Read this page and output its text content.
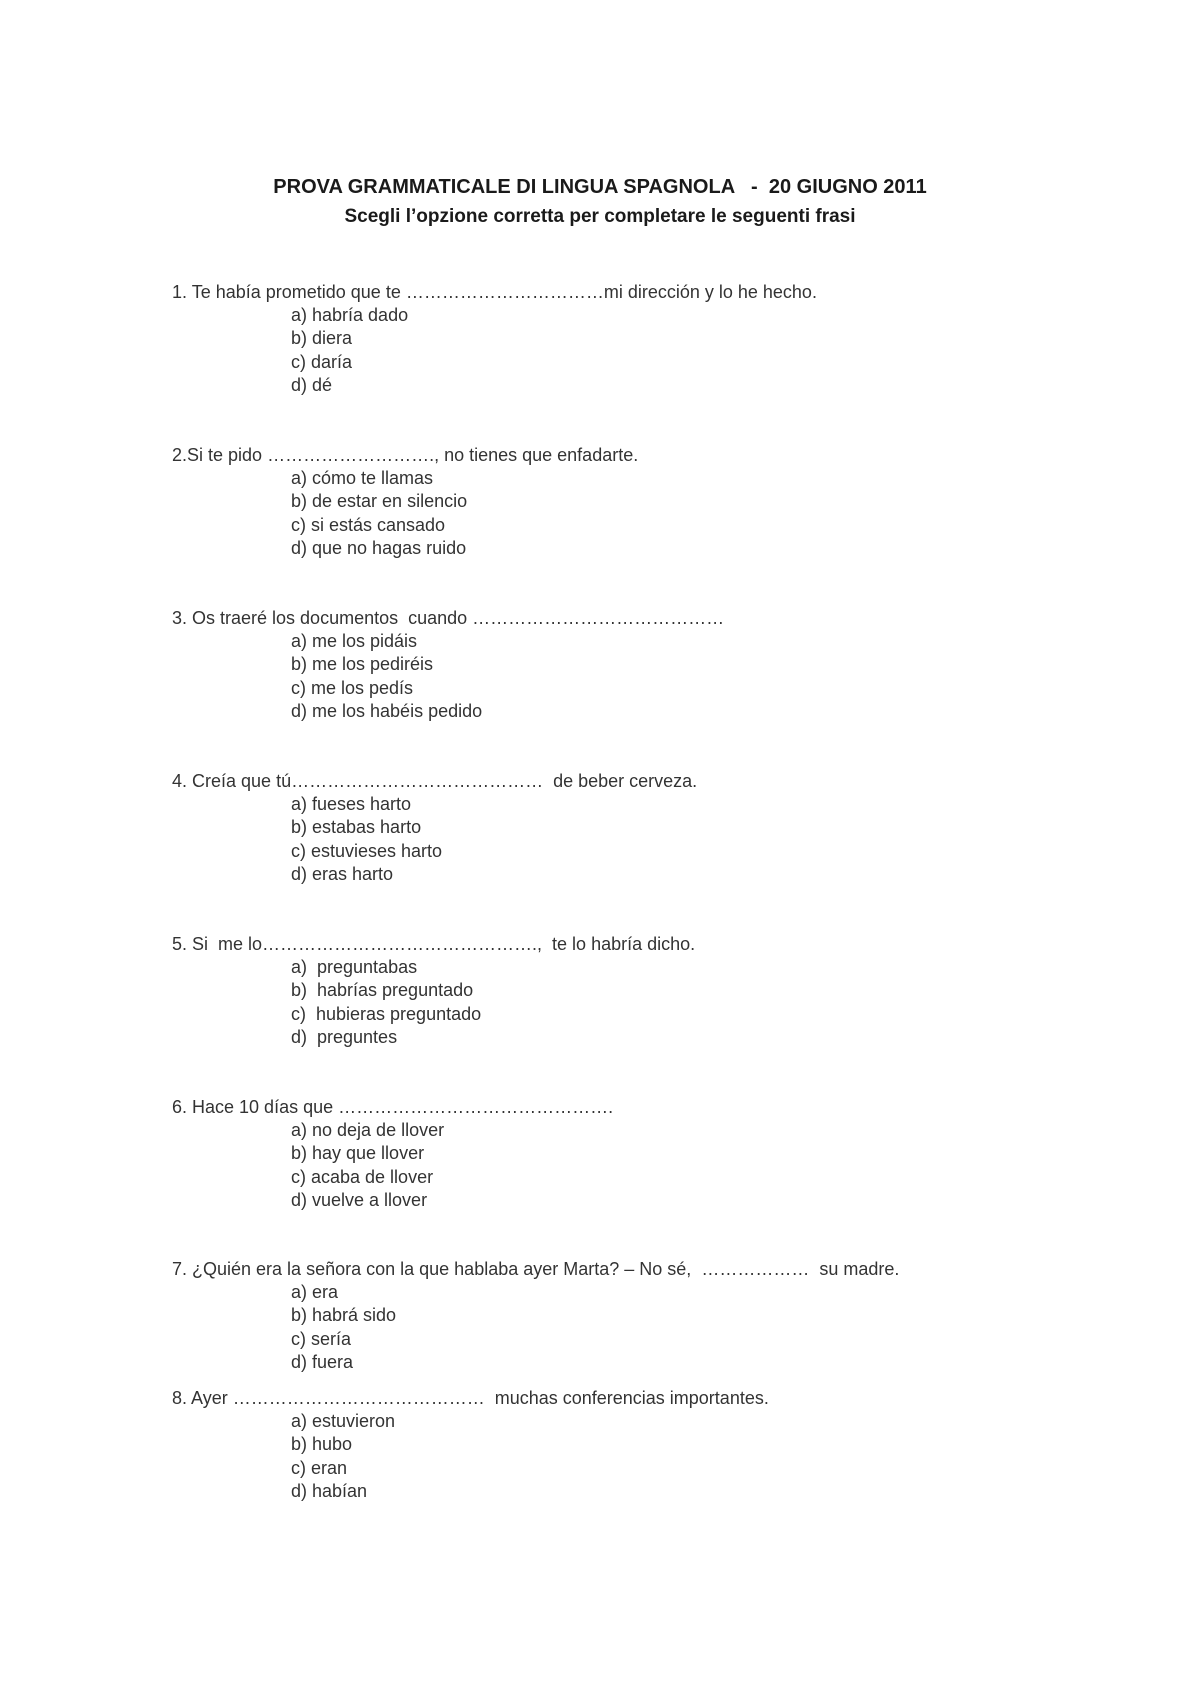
PROVA GRAMMATICALE DI LINGUA SPAGNOLA   -  20 GIUGNO 2011
Scegli l’opzione corretta per completare le seguenti frasi
1. Te había prometido que te ……………………………mi dirección y lo he hecho.
a) habría dado
b) diera
c) daría
d) dé
2.Si te pido ………………………., no tienes que enfadarte.
a) cómo te llamas
b) de estar en silencio
c) si estás cansado
d) que no hagas ruido
3. Os traeré los documentos  cuando ……………………………………
a) me los pidáis
b) me los pediréis
c) me los pedís
d) me los habéis pedido
4. Creía que tú……………………………………  de beber cerveza.
a) fueses harto
b) estabas harto
c) estuvieses harto
d) eras harto
5. Si  me lo……………………………………….,  te lo habría dicho.
a)  preguntabas
b)  habrías preguntado
c)  hubieras preguntado
d)  preguntes
6. Hace 10 días que ……………………………………….
a) no deja de llover
b) hay que llover
c) acaba de llover
d) vuelve a llover
7. ¿Quién era la señora con la que hablaba ayer Marta? – No sé,  ………………  su madre.
a) era
b) habrá sido
c) sería
d) fuera
8. Ayer ……………………………………  muchas conferencias importantes.
a) estuvieron
b) hubo
c) eran
d) habían
